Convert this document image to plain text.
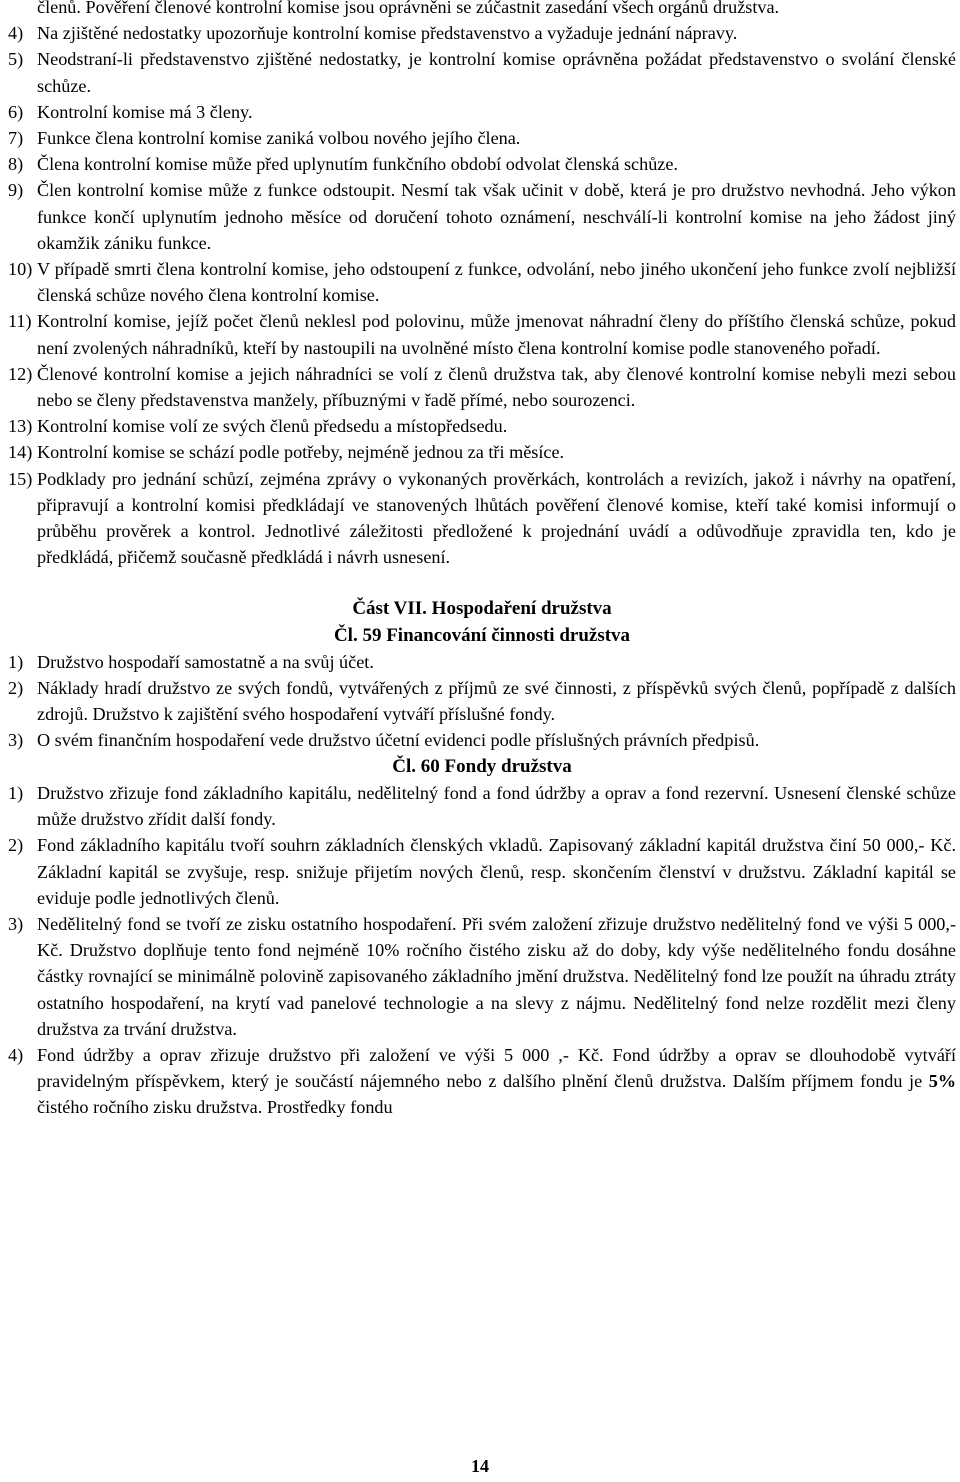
členů. Pověření členové kontrolní komise jsou oprávněni se zúčastnit zasedání všech orgánů družstva.
4) Na zjištěné nedostatky upozorňuje kontrolní komise představenstvo a vyžaduje jednání nápravy.
5) Neodstraní-li představenstvo zjištěné nedostatky, je kontrolní komise oprávněna požádat představenstvo o svolání členské schůze.
6) Kontrolní komise má 3 členy.
7) Funkce člena kontrolní komise zaniká volbou nového jejího člena.
8) Člena kontrolní komise může před uplynutím funkčního období odvolat členská schůze.
9) Člen kontrolní komise může z funkce odstoupit. Nesmí tak však učinit v době, která je pro družstvo nevhodná. Jeho výkon funkce končí uplynutím jednoho měsíce od doručení tohoto oznámení, neschválí-li kontrolní komise na jeho žádost jiný okamžik zániku funkce.
10) V případě smrti člena kontrolní komise, jeho odstoupení z funkce, odvolání, nebo jiného ukončení jeho funkce zvolí nejbližší členská schůze nového člena kontrolní komise.
11) Kontrolní komise, jejíž počet členů neklesl pod polovinu, může jmenovat náhradní členy do příštího členská schůze, pokud není zvolených náhradníků, kteří by nastoupili na uvolněné místo člena kontrolní komise podle stanoveného pořadí.
12) Členové kontrolní komise a jejich náhradníci se volí z členů družstva tak, aby členové kontrolní komise nebyli mezi sebou nebo se členy představenstva manžely, příbuznými v řadě přímé, nebo sourozenci.
13) Kontrolní komise volí ze svých členů předsedu a místopředsedu.
14) Kontrolní komise se schází podle potřeby, nejméně jednou za tři měsíce.
15) Podklady pro jednání schůzí, zejména zprávy o vykonaných prověrkách, kontrolách a revizích, jakož i návrhy na opatření, připravují a kontrolní komisi předkládají ve stanovených lhůtách pověření členové komise, kteří také komisi informují o průběhu prověrek a kontrol. Jednotlivé záležitosti předložené k projednání uvádí a odůvodňuje zpravidla ten, kdo je předkládá, přičemž současně předkládá i návrh usnesení.
Část VII. Hospodaření družstva
Čl. 59 Financování činnosti družstva
1) Družstvo hospodaří samostatně a na svůj účet.
2) Náklady hradí družstvo ze svých fondů, vytvářených z příjmů ze své činnosti, z příspěvků svých členů, popřípadě z dalších zdrojů. Družstvo k zajištění svého hospodaření vytváří příslušné fondy.
3) O svém finančním hospodaření vede družstvo účetní evidenci podle příslušných právních předpisů.
Čl. 60 Fondy družstva
1) Družstvo zřizuje fond základního kapitálu, nedělitelný fond a fond údržby a oprav a fond rezervní. Usnesení členské schůze může družstvo zřídit další fondy.
2) Fond základního kapitálu tvoří souhrn základních členských vkladů. Zapisovaný základní kapitál družstva činí 50 000,- Kč. Základní kapitál se zvyšuje, resp. snižuje přijetím nových členů, resp. skončením členství v družstvu. Základní kapitál se eviduje podle jednotlivých členů.
3) Nedělitelný fond se tvoří ze zisku ostatního hospodaření. Při svém založení zřizuje družstvo nedělitelný fond ve výši 5 000,- Kč. Družstvo doplňuje tento fond nejméně 10% ročního čistého zisku až do doby, kdy výše nedělitelného fondu dosáhne částky rovnající se minimálně polovině zapisovaného základního jmění družstva. Nedělitelný fond lze použít na úhradu ztráty ostatního hospodaření, na krytí vad panelové technologie a na slevy z nájmu. Nedělitelný fond nelze rozdělit mezi členy družstva za trvání družstva.
4) Fond údržby a oprav zřizuje družstvo při založení ve výši 5 000 ,- Kč. Fond údržby a oprav se dlouhodobě vytváří pravidelným příspěvkem, který je součástí nájemného nebo z dalšího plnění členů družstva. Dalším příjmem fondu je 5% čistého ročního zisku družstva. Prostředky fondu
14
